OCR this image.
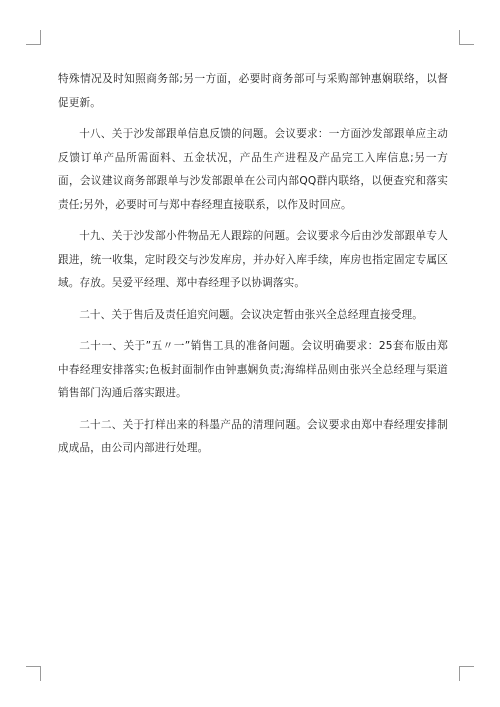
特殊情况及时知照商务部;另一方面，必要时商务部可与采购部钟惠娴联络，以督促更新。

十八、关于沙发部跟单信息反馈的问题。会议要求：一方面沙发部跟单应主动反馈订单产品所需面料、五金状况，产品生产进程及产品完工入库信息;另一方面，会议建议商务部跟单与沙发部跟单在公司内部QQ群内联络，以便查究和落实责任;另外，必要时可与郑中春经理直接联系，以作及时回应。

十九、关于沙发部小件物品无人跟踪的问题。会议要求今后由沙发部跟单专人跟进，统一收集，定时段交与沙发库房，并办好入库手续，库房也指定固定专属区域。存放。吴爱平经理、郑中春经理予以协调落实。

二十、关于售后及责任追究问题。会议决定暂由张兴全总经理直接受理。

二十一、关于”五〃一”销售工具的准备问题。会议明确要求：25套布版由郑中春经理安排落实;色板封面制作由钟惠娴负责;海绵样品则由张兴全总经理与渠道销售部门沟通后落实跟进。

二十二、关于打样出来的科墨产品的清理问题。会议要求由郑中春经理安排制成成品，由公司内部进行处理。
